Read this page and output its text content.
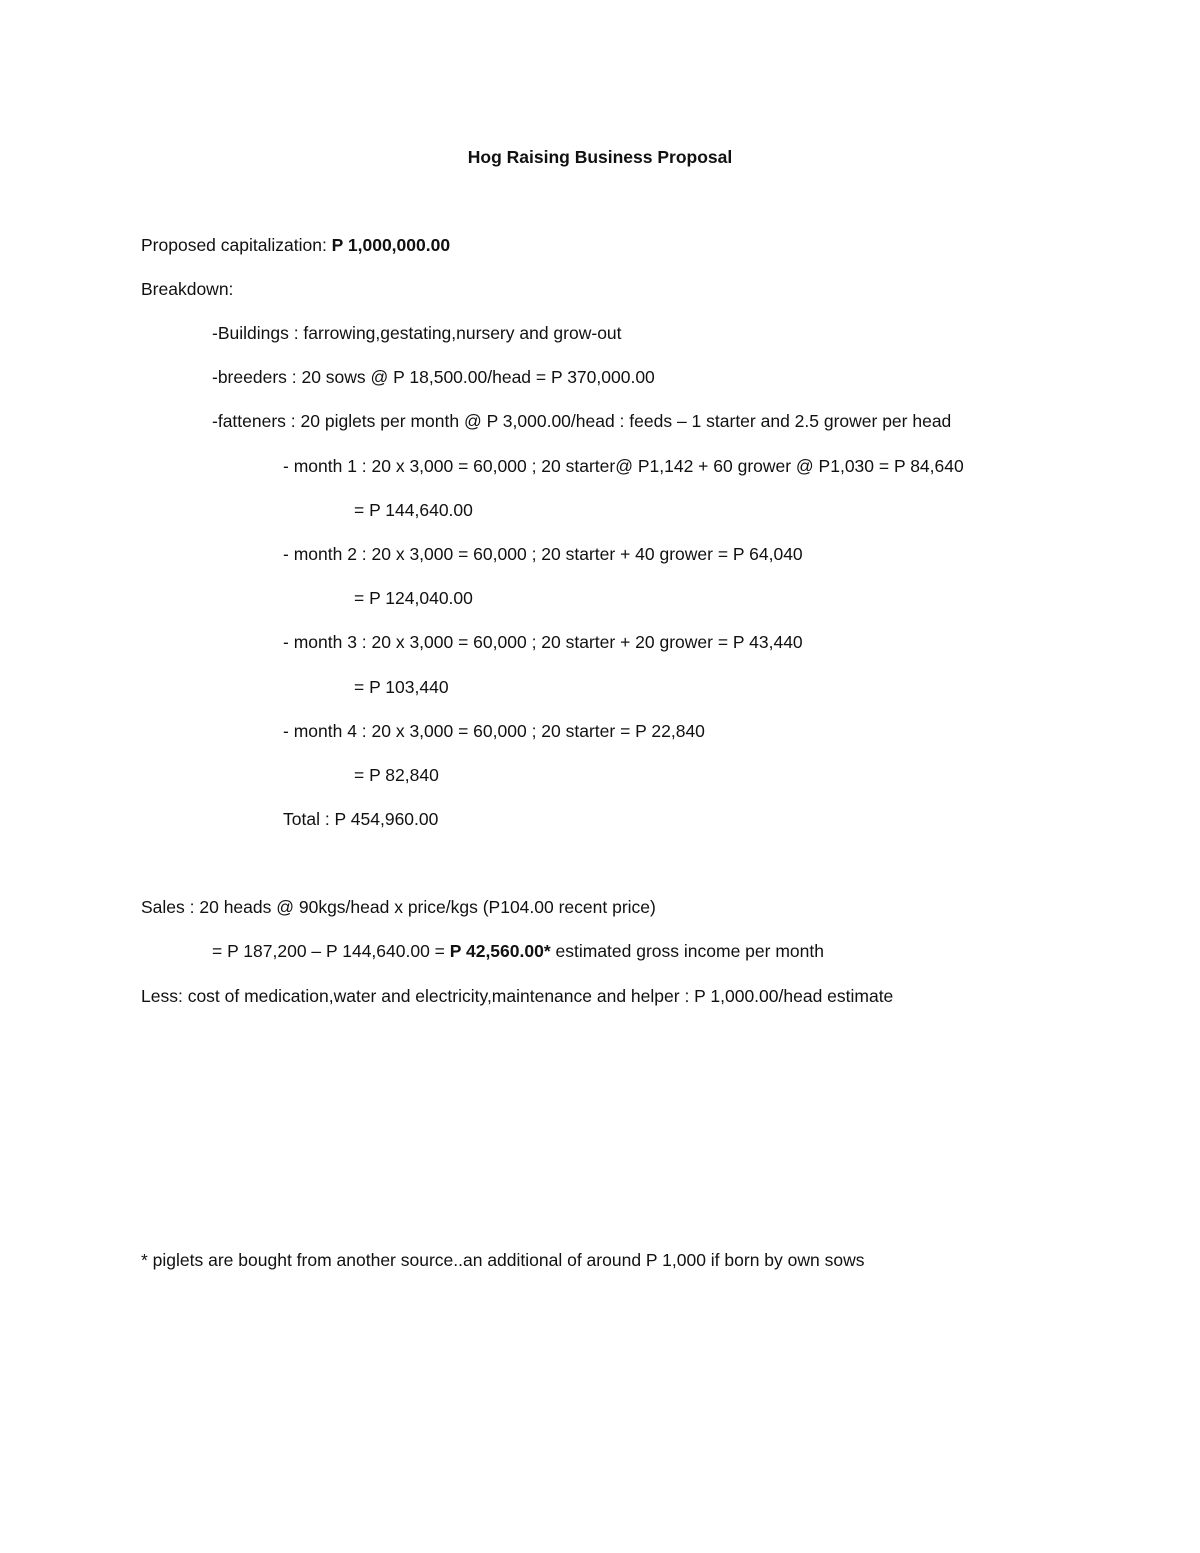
Hog Raising Business Proposal
Proposed capitalization: P 1,000,000.00
Breakdown:
-Buildings : farrowing,gestating,nursery and grow-out
-breeders : 20 sows @ P 18,500.00/head = P 370,000.00
-fatteners : 20 piglets per month @ P 3,000.00/head : feeds – 1 starter and 2.5 grower per head
- month 1 : 20 x 3,000 = 60,000 ; 20 starter@ P1,142 + 60 grower @ P1,030 = P 84,640
= P 144,640.00
- month 2 : 20 x 3,000 = 60,000 ; 20 starter + 40 grower = P 64,040
= P 124,040.00
- month 3 : 20 x 3,000 = 60,000 ; 20 starter + 20 grower = P 43,440
= P 103,440
- month 4 : 20 x 3,000 = 60,000 ; 20 starter = P 22,840
= P 82,840
Total : P 454,960.00
Sales : 20 heads @ 90kgs/head x price/kgs (P104.00 recent price)
= P 187,200 – P 144,640.00 = P 42,560.00* estimated gross income per month
Less: cost of medication,water and electricity,maintenance and helper : P 1,000.00/head estimate
* piglets are bought from another source..an additional of around P 1,000 if born by own sows
